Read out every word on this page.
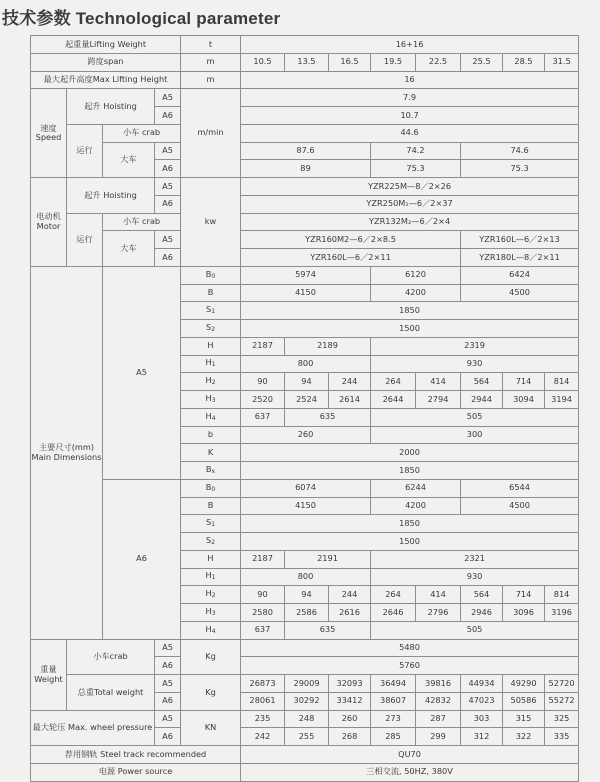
技术参数 Technological parameter
起重量Lifting Weight				t	16+16							
跨度span				m	10.5	13.5	16.5	19.5	22.5	25.5	28.5	31.5
最大起升高度Max Lifting Height				m	16							
速度 Speed	起升 Hoisting		A5	m/min	7.9							
			A6		10.7							
	运行	小车 crab			44.6							
		大车	A5		87.6			74.2		74.6		
			A6		89			75.3		75.3		
电动机 Motor	起升 Hoisting		A5	kw	YZR225M—8／2×26							
			A6		YZR250M₁—6／2×37							
	运行	小车 crab			YZR132M₂—6／2×4							
		大车	A5		YZR160M2—6／2×8.5					YZR160L—6／2×13		
			A6		YZR160L—6／2×11					YZR180L—8／2×11		
主要尺寸(mm) Main Dimensions		A5		B0	5974			6120		6424		
				B	4150			4200		4500		
				S1	1850							
				S2	1500							
				H	2187	2189		2319				
				H1	800			930				
				H2	90	94	244	264	414	564	714	814
				H3	2520	2524	2614	2644	2794	2944	3094	3194
				H4	637	635		505				
				b	260			300				
				K	2000							
				Bx	1850							
		A6		B0	6074			6244		6544		
				B	4150			4200		4500		
				S1	1850							
				S2	1500							
				H	2187	2191		2321				
				H1	800			930				
				H2	90	94	244	264	414	564	714	814
				H3	2580	2586	2616	2646	2796	2946	3096	3196
				H4	637	635		505				
重量 Weight	小车crab		A5	Kg	5480							
			A6		5760							
	总重Total weight		A5	Kg	26873	29009	32093	36494	39816	44934	49290	52720
			A6		28061	30292	33412	38607	42832	47023	50586	55272
最大轮压 Max. wheel pressure			A5	KN	235	248	260	273	287	303	315	325
			A6		242	255	268	285	299	312	322	335
荐用钢轨 Steel track recommended					QU70							
电源 Power source					三相交流, 50HZ, 380V							
